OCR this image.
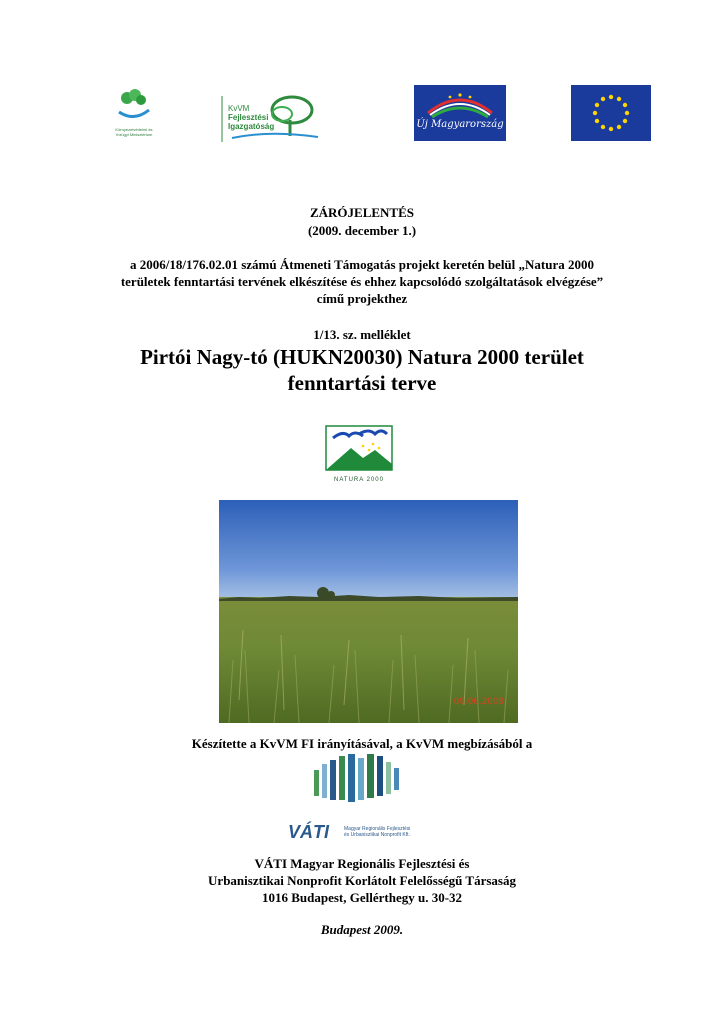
Környezetvédelmi és Vízügyi Minisztérium
KvVM
Fejlesztési
Igazgatóság	Új Magyarország
ZÁRÓJELENTÉS
(2009. december 1.)
a 2006/18/176.02.01 számú Átmeneti Támogatás projekt keretén belül „Natura 2000
területek fenntartási tervének elkészítése és ehhez kapcsolódó szolgáltatások elvégzése”
című projekthez
1/13. sz. melléklet
Pirtói Nagy-tó (HUKN20030) Natura 2000 terület
fenntartási terve
NATURA 2000
09.06.2008
Készítette a KvVM FI irányításával, a KvVM megbízásából a
VÁTI	Magyar Regionális Fejlesztési
és Urbanisztikai Nonprofit Kft.
VÁTI Magyar Regionális Fejlesztési és
Urbanisztikai Nonprofit Korlátolt Felelősségű Társaság
1016 Budapest, Gellérthegy u. 30-32
Budapest 2009.
